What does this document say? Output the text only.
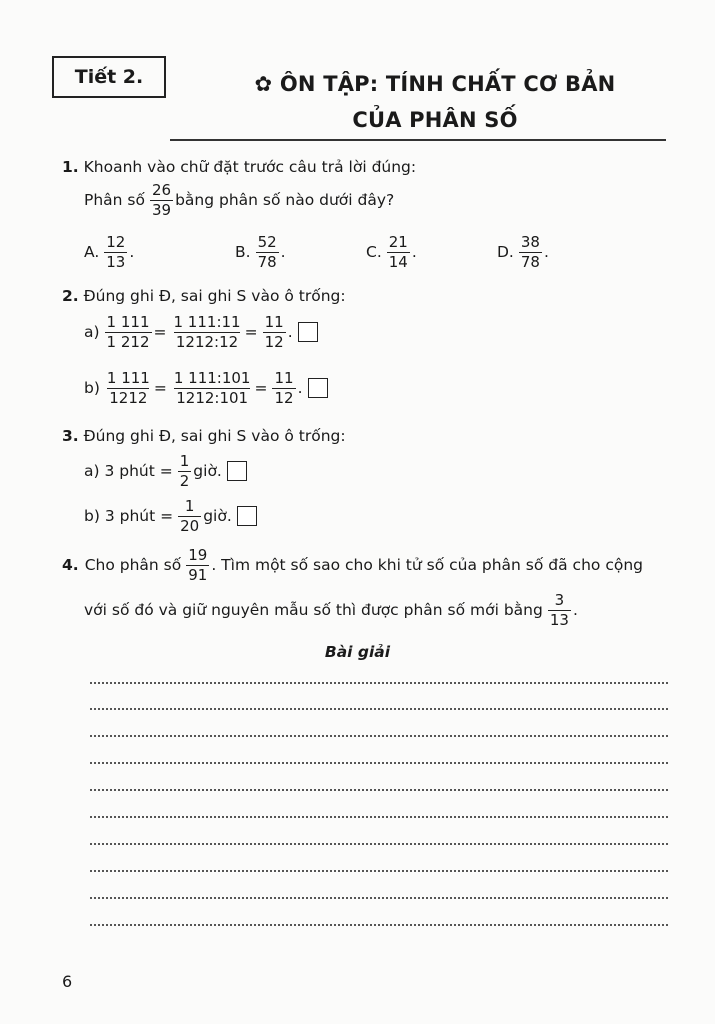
Tiết 2.
	✿ ÔN TẬP: TÍNH CHẤT CƠ BẢN
CỦA PHÂN SỐ
1. Khoanh vào chữ đặt trước câu trả lời đúng:
Phân số $\frac{26}{39}$ bằng phân số nào dưới đây?
A. $\frac{12}{13}$ .	B. $\frac{52}{78}$ .	C. $\frac{21}{14}$ .	D. $\frac{38}{78}$ .
2. Đúng ghi Đ, sai ghi S vào ô trống:
$a) \frac{1 111}{1 212} = \frac{1 111:11}{1212:12} = \frac{11}{12}$ .
$b) \frac{1 111}{1212} = \frac{1 111:101}{1212:101} = \frac{11}{12}$ .
3. Đúng ghi Đ, sai ghi S vào ô trống:
a) 3 phút = $\frac{1}{2}$ giờ.
b) 3 phút = $\frac{1}{20}$ giờ.
4. Cho phân số $\frac{19}{91}$ . Tìm một số sao cho khi tử số của phân số đã cho cộng
với số đó và giữ nguyên mẫu số thì được phân số mới bằng $\frac{3}{13}$ .
Bài giải
6
